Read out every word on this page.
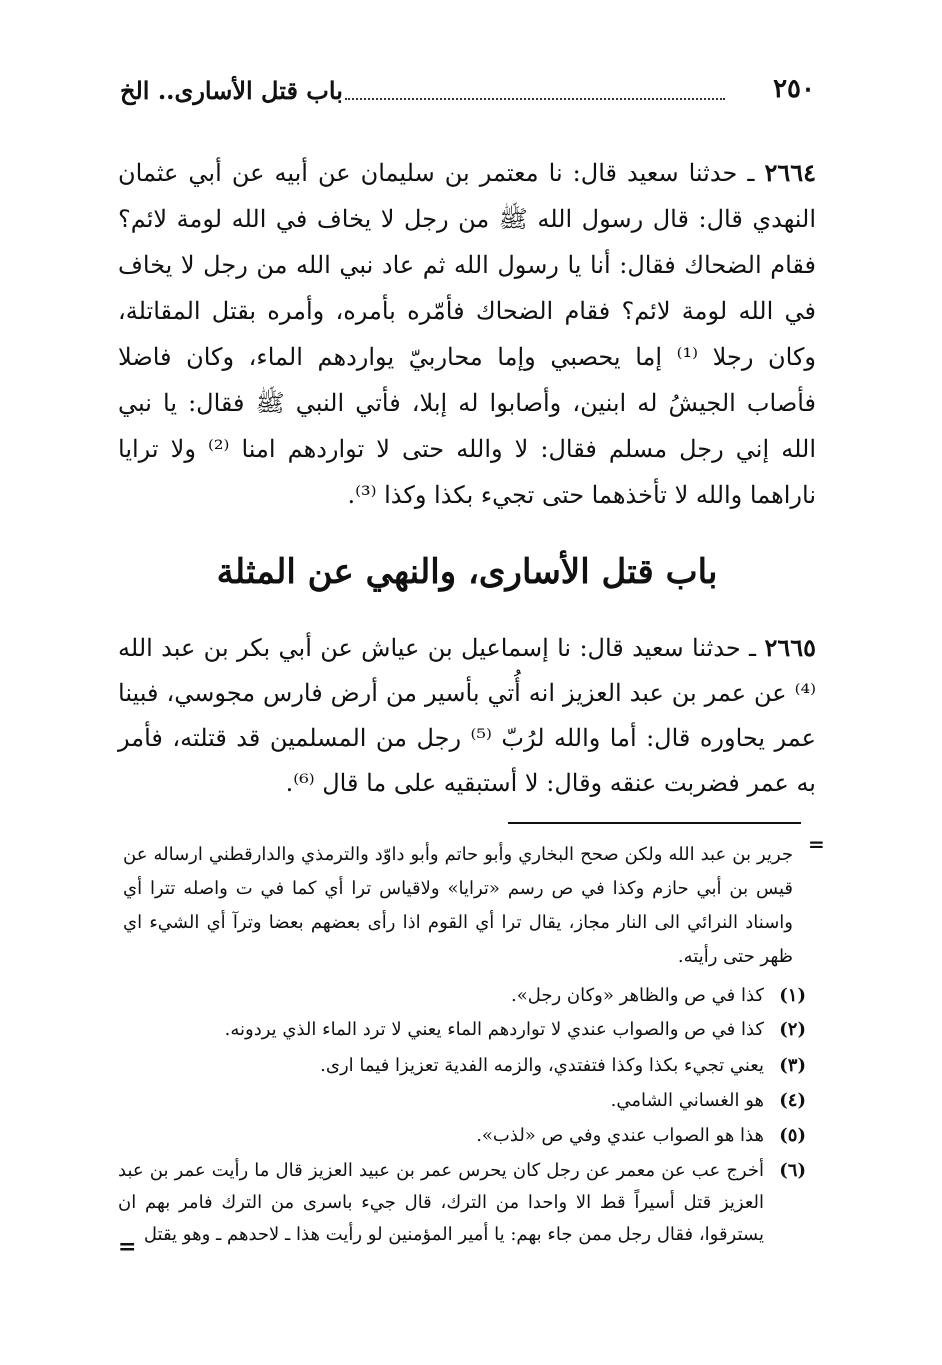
٢٥٠
باب قتل الأسارى.. الخ
٢٦٦٤ ـ حدثنا سعيد قال: نا معتمر بن سليمان عن أبيه عن أبي عثمان النهدي قال: قال رسول الله ﷺ من رجل لا يخاف في الله لومة لائم؟ فقام الضحاك فقال: أنا يا رسول الله ثم عاد نبي الله من رجل لا يخاف في الله لومة لائم؟ فقام الضحاك فأمّره بأمره، وأمره بقتل المقاتلة، وكان رجلا ⁽¹⁾ إما يحصبي وإما محاربيّ يواردهم الماء، وكان فاضلا فأصاب الجيشُ له ابنين، وأصابوا له إبلا، فأتي النبي ﷺ فقال: يا نبي الله إني رجل مسلم فقال: لا والله حتى لا تواردهم امنا ⁽²⁾ ولا ترايا ناراهما والله لا تأخذهما حتى تجيء بكذا وكذا ⁽³⁾.
باب قتل الأسارى، والنهي عن المثلة
٢٦٦٥ ـ حدثنا سعيد قال: نا إسماعيل بن عياش عن أبي بكر بن عبد الله ⁽⁴⁾ عن عمر بن عبد العزيز انه أُتي بأسير من أرض فارس مجوسي، فبينا عمر يحاوره قال: أما والله لرُبّ ⁽⁵⁾ رجل من المسلمين قد قتلته، فأمر به عمر فضربت عنقه وقال: لا أستبقيه على ما قال ⁽⁶⁾.
=
جرير بن عبد الله ولكن صحح البخاري وأبو حاتم وأبو داوّد والترمذي والدارقطني ارساله عن قيس بن أبي حازم وكذا في ص رسم «ترايا» ولاقياس ترا أي كما في ت واصله تترا أي واسناد النرائي الى النار مجاز، يقال ترا أي القوم اذا رأى بعضهم بعضا وترآ أي الشيء اي ظهر حتى رأيته.
(١)
كذا في ص والظاهر «وكان رجل».
(٢)
كذا في ص والصواب عندي لا تواردهم الماء يعني لا ترد الماء الذي يردونه.
(٣)
يعني تجيء بكذا وكذا فتفتدي، والزمه الفدية تعزيزا فيما ارى.
(٤)
هو الغساني الشامي.
(٥)
هذا هو الصواب عندي وفي ص «لذب».
(٦)
أخرج عب عن معمر عن رجل كان يحرس عمر بن عبيد العزيز قال ما رأيت عمر بن عبد العزيز قتل أسيراً قط الا واحدا من الترك، قال جيء باسرى من الترك فامر بهم ان يسترقوا، فقال رجل ممن جاء بهم: يا أمير المؤمنين لو رأيت هذا ـ لاحدهم ـ وهو يقتل
=
